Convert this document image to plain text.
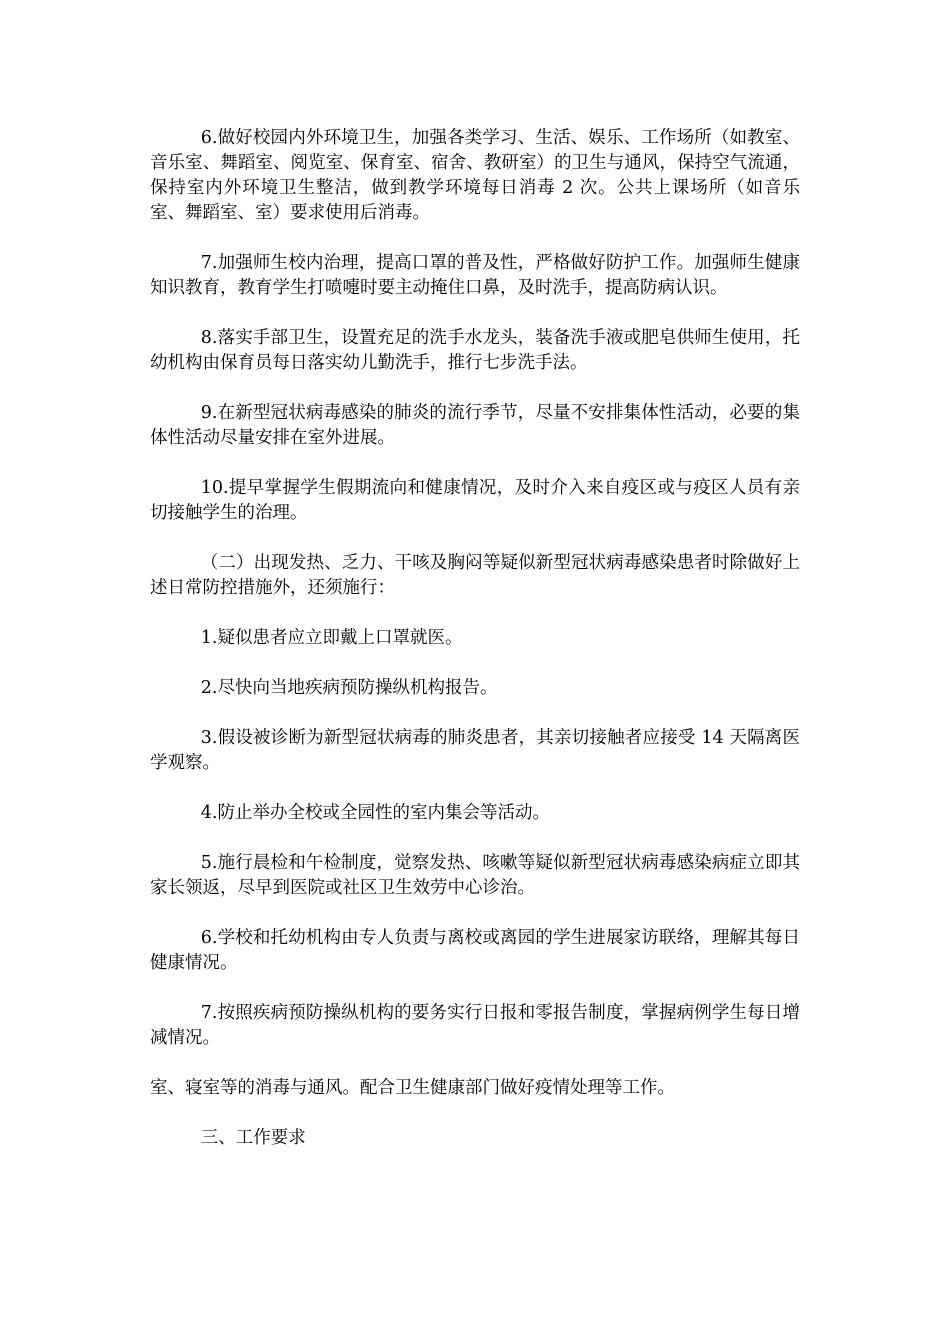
6.做好校园内外环境卫生，加强各类学习、生活、娱乐、工作场所（如教室、音乐室、舞蹈室、阅览室、保育室、宿舍、教研室）的卫生与通风，保持空气流通，保持室内外环境卫生整洁，做到教学环境每日消毒 2 次。公共上课场所（如音乐室、舞蹈室、室）要求使用后消毒。

7.加强师生校内治理，提高口罩的普及性，严格做好防护工作。加强师生健康知识教育，教育学生打喷嚏时要主动掩住口鼻，及时洗手，提高防病认识。

8.落实手部卫生，设置充足的洗手水龙头，装备洗手液或肥皂供师生使用，托幼机构由保育员每日落实幼儿勤洗手，推行七步洗手法。

9.在新型冠状病毒感染的肺炎的流行季节，尽量不安排集体性活动，必要的集体性活动尽量安排在室外进展。

10.提早掌握学生假期流向和健康情况，及时介入来自疫区或与疫区人员有亲切接触学生的治理。

（二）出现发热、乏力、干咳及胸闷等疑似新型冠状病毒感染患者时除做好上述日常防控措施外，还须施行：

1.疑似患者应立即戴上口罩就医。

2.尽快向当地疾病预防操纵机构报告。

3.假设被诊断为新型冠状病毒的肺炎患者，其亲切接触者应接受 14 天隔离医学观察。

4.防止举办全校或全园性的室内集会等活动。

5.施行晨检和午检制度，觉察发热、咳嗽等疑似新型冠状病毒感染病症立即其家长领返，尽早到医院或社区卫生效劳中心诊治。

6.学校和托幼机构由专人负责与离校或离园的学生进展家访联络，理解其每日健康情况。

7.按照疾病预防操纵机构的要务实行日报和零报告制度，掌握病例学生每日增减情况。

室、寝室等的消毒与通风。配合卫生健康部门做好疫情处理等工作。

三、工作要求
